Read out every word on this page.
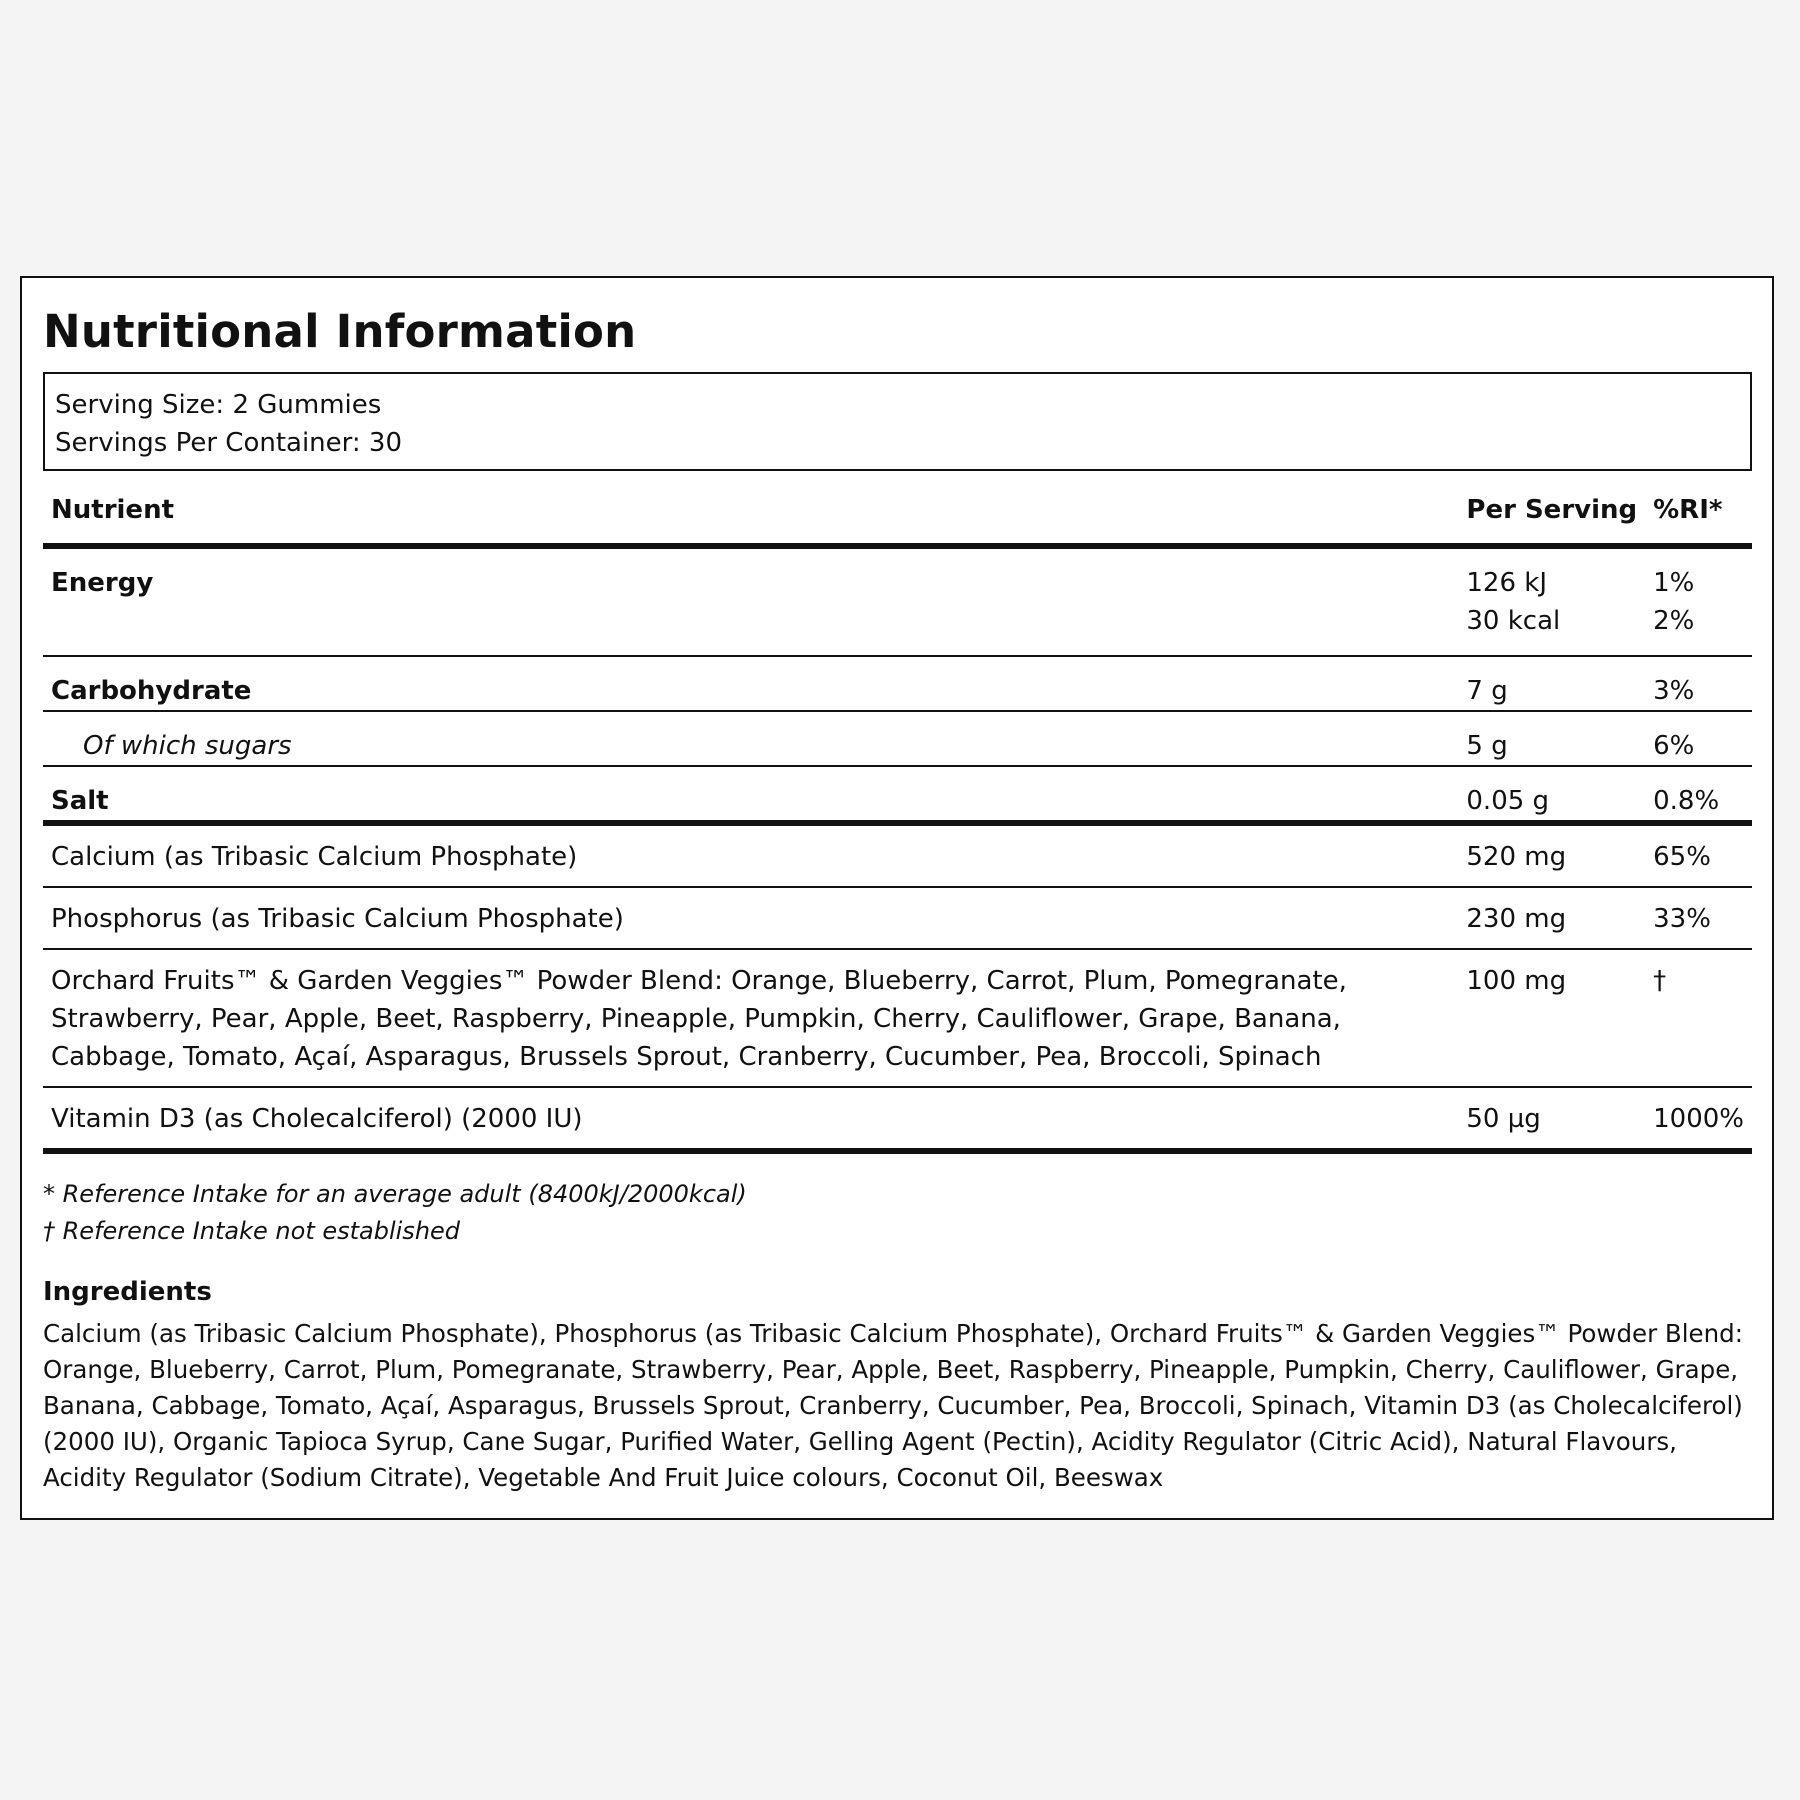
Nutritional Information
Serving Size: 2 Gummies
Servings Per Container: 30
Nutrient	Per Serving	%RI*
Energy	126 kJ	1%
	30 kcal	2%
Carbohydrate	7 g	3%
Of which sugars	5 g	6%
Salt	0.05 g	0.8%
Calcium (as Tribasic Calcium Phosphate)	520 mg	65%
Phosphorus (as Tribasic Calcium Phosphate)	230 mg	33%
Orchard Fruits™ & Garden Veggies™ Powder Blend: Orange, Blueberry, Carrot, Plum, Pomegranate, Strawberry, Pear, Apple, Beet, Raspberry, Pineapple, Pumpkin, Cherry, Cauliflower, Grape, Banana, Cabbage, Tomato, Açaí, Asparagus, Brussels Sprout, Cranberry, Cucumber, Pea, Broccoli, Spinach	100 mg	†
Vitamin D3 (as Cholecalciferol) (2000 IU)	50 µg	1000%
* Reference Intake for an average adult (8400kJ/2000kcal)
† Reference Intake not established
Ingredients
Calcium (as Tribasic Calcium Phosphate), Phosphorus (as Tribasic Calcium Phosphate), Orchard Fruits™ & Garden Veggies™ Powder Blend: Orange, Blueberry, Carrot, Plum, Pomegranate, Strawberry, Pear, Apple, Beet, Raspberry, Pineapple, Pumpkin, Cherry, Cauliflower, Grape, Banana, Cabbage, Tomato, Açaí, Asparagus, Brussels Sprout, Cranberry, Cucumber, Pea, Broccoli, Spinach, Vitamin D3 (as Cholecalciferol) (2000 IU), Organic Tapioca Syrup, Cane Sugar, Purified Water, Gelling Agent (Pectin), Acidity Regulator (Citric Acid), Natural Flavours, Acidity Regulator (Sodium Citrate), Vegetable And Fruit Juice colours, Coconut Oil, Beeswax
